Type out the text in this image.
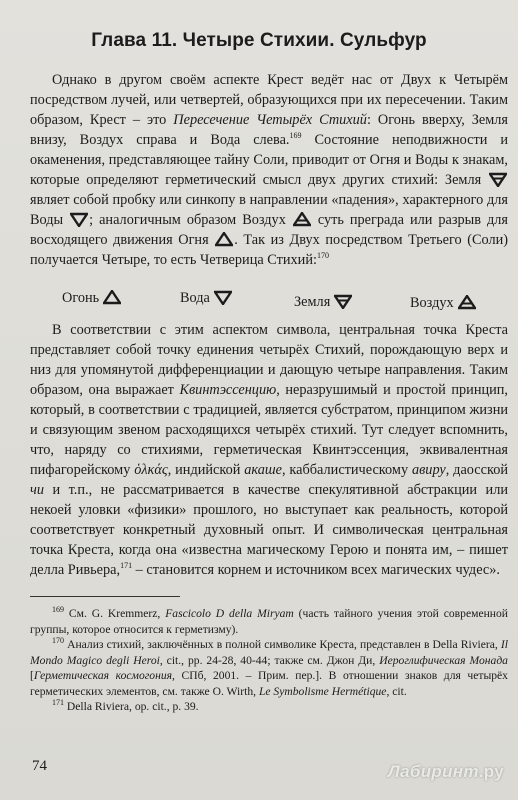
Глава 11. Четыре Стихии. Сульфур

Однако в другом своём аспекте Крест ведёт нас от Двух к Четырём посредством лучей, или четвертей, образующихся при их пересечении. Таким образом, Крест – это Пересечение Четырёх Стихий: Огонь вверху, Земля внизу, Воздух справа и Вода слева.$^{169}$ Состояние неподвижности и окаменения, представляющее тайну Соли, приводит от Огня и Воды к знакам, которые определяют герметический смысл двух других стихий: Земля  являет собой пробку или синкопу в направлении «падения», характерного для Воды ; аналогичным образом Воздух суть преграда или разрыв для восходящего движения Огня . Так из Двух посредством Третьего (Соли) получается Четыре, то есть Четверица Стихий:$^{170}$

Огонь	Вода	Земля	Воздух

В соответствии с этим аспектом символа, центральная точка Креста представляет собой точку единения четырёх Стихий, порождающую верх и низ для упомянутой дифференциации и дающую четыре направления. Таким образом, она выражает Квинтэссенцию, неразрушимый и простой принцип, который, в соответствии с традицией, является субстратом, принципом жизни и связующим звеном расходящихся четырёх стихий. Тут следует вспомнить, что, наряду со стихиями, герметическая Квинтэссенция, эквивалентная пифагорейскому ὁλκάς, индийской акаше, каббалистическому авиру, даосской чи и т.п., не рассматривается в качестве спекулятивной абстракции или некоей уловки «физики» прошлого, но выступает как реальность, которой соответствует конкретный духовный опыт. И символическая центральная точка Креста, когда она «известна магическому Герою и понята им, – пишет делла Ривьера,$^{171}$ – становится корнем и источником всех магических чудес».

$^{169}$ См. G. Kremmerz, Fascicolo D della Miryam (часть тайного учения этой современной группы, которое относится к герметизму).

$^{170}$ Анализ стихий, заключённых в полной символике Креста, представлен в Della Riviera, Il Mondo Magico degli Heroi, cit., pp. 24-28, 40-44; также см. Джон Ди, Иероглифическая Монада [Герметическая космогония, СПб, 2001. – Прим. пер.]. В отношении знаков для четырёх герметических элементов, см. также O. Wirth, Le Symbolisme Hermétique, cit.

$^{171}$ Della Riviera, op. cit., p. 39.

74	Лабиринт.ру
